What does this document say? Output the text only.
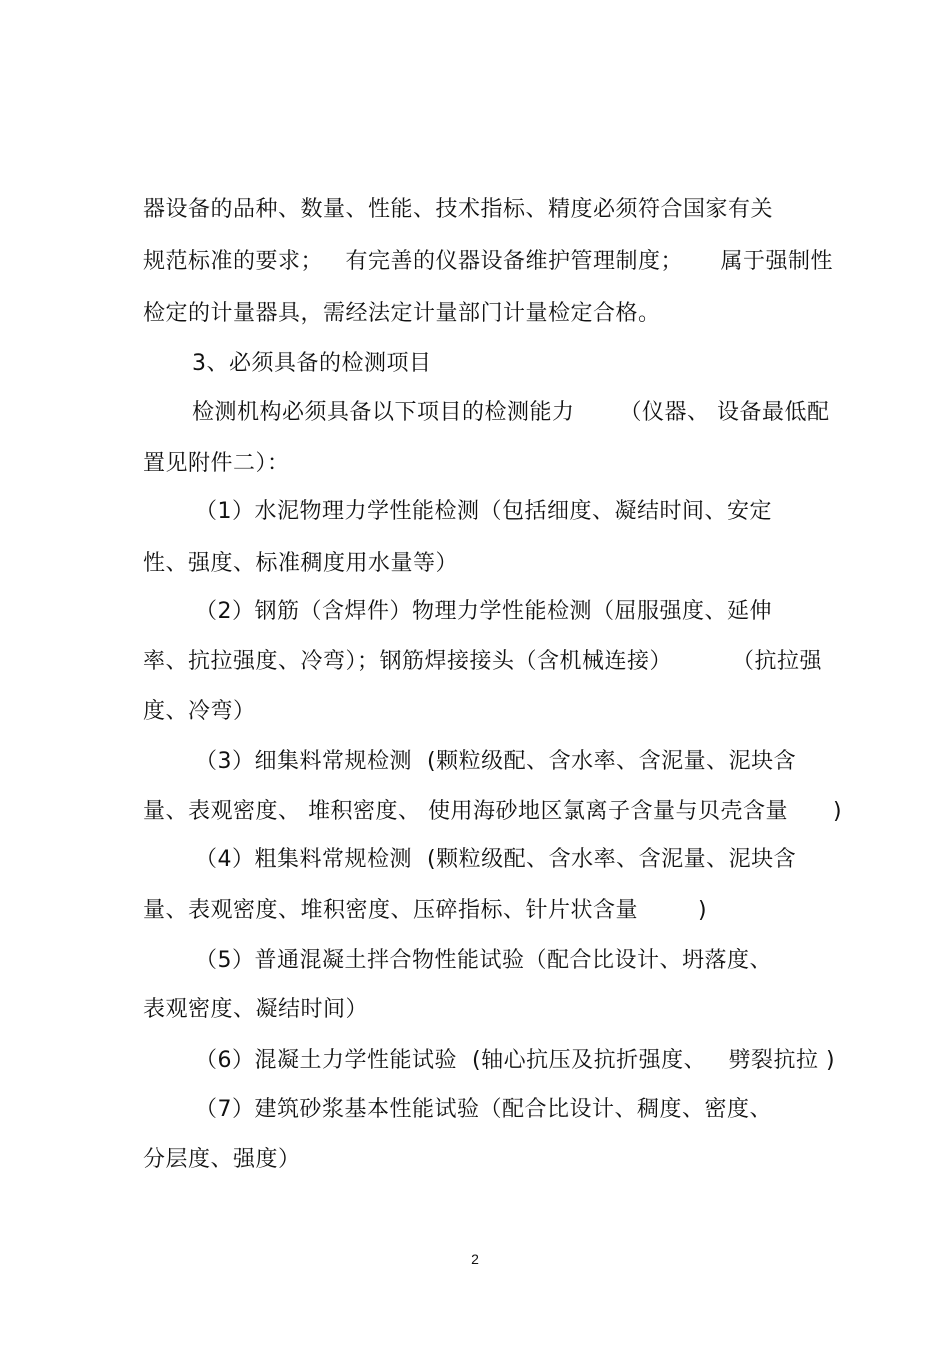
器设备的品种、数量、性能、技术指标、精度必须符合国家有关
规范标准的要求；   有完善的仪器设备维护管理制度；     属于强制性
检定的计量器具，需经法定计量部门计量检定合格。
3、必须具备的检测项目
检测机构必须具备以下项目的检测能力      （仪器、 设备最低配
置见附件二）：
（1）水泥物理力学性能检测（包括细度、凝结时间、安定
性、强度、标准稠度用水量等）
（2）钢筋（含焊件）物理力学性能检测（屈服强度、延伸
率、抗拉强度、冷弯）；钢筋焊接接头（含机械连接）        （抗拉强
度、冷弯）
（3）细集料常规检测  (颗粒级配、含水率、含泥量、泥块含
量、表观密度、 堆积密度、 使用海砂地区氯离子含量与贝壳含量      )
（4）粗集料常规检测  (颗粒级配、含水率、含泥量、泥块含
量、表观密度、堆积密度、压碎指标、针片状含量        )
（5）普通混凝土拌合物性能试验（配合比设计、坍落度、
表观密度、凝结时间）
（6）混凝土力学性能试验  (轴心抗压及抗折强度、   劈裂抗拉 )
（7）建筑砂浆基本性能试验（配合比设计、稠度、密度、
分层度、强度）
2
